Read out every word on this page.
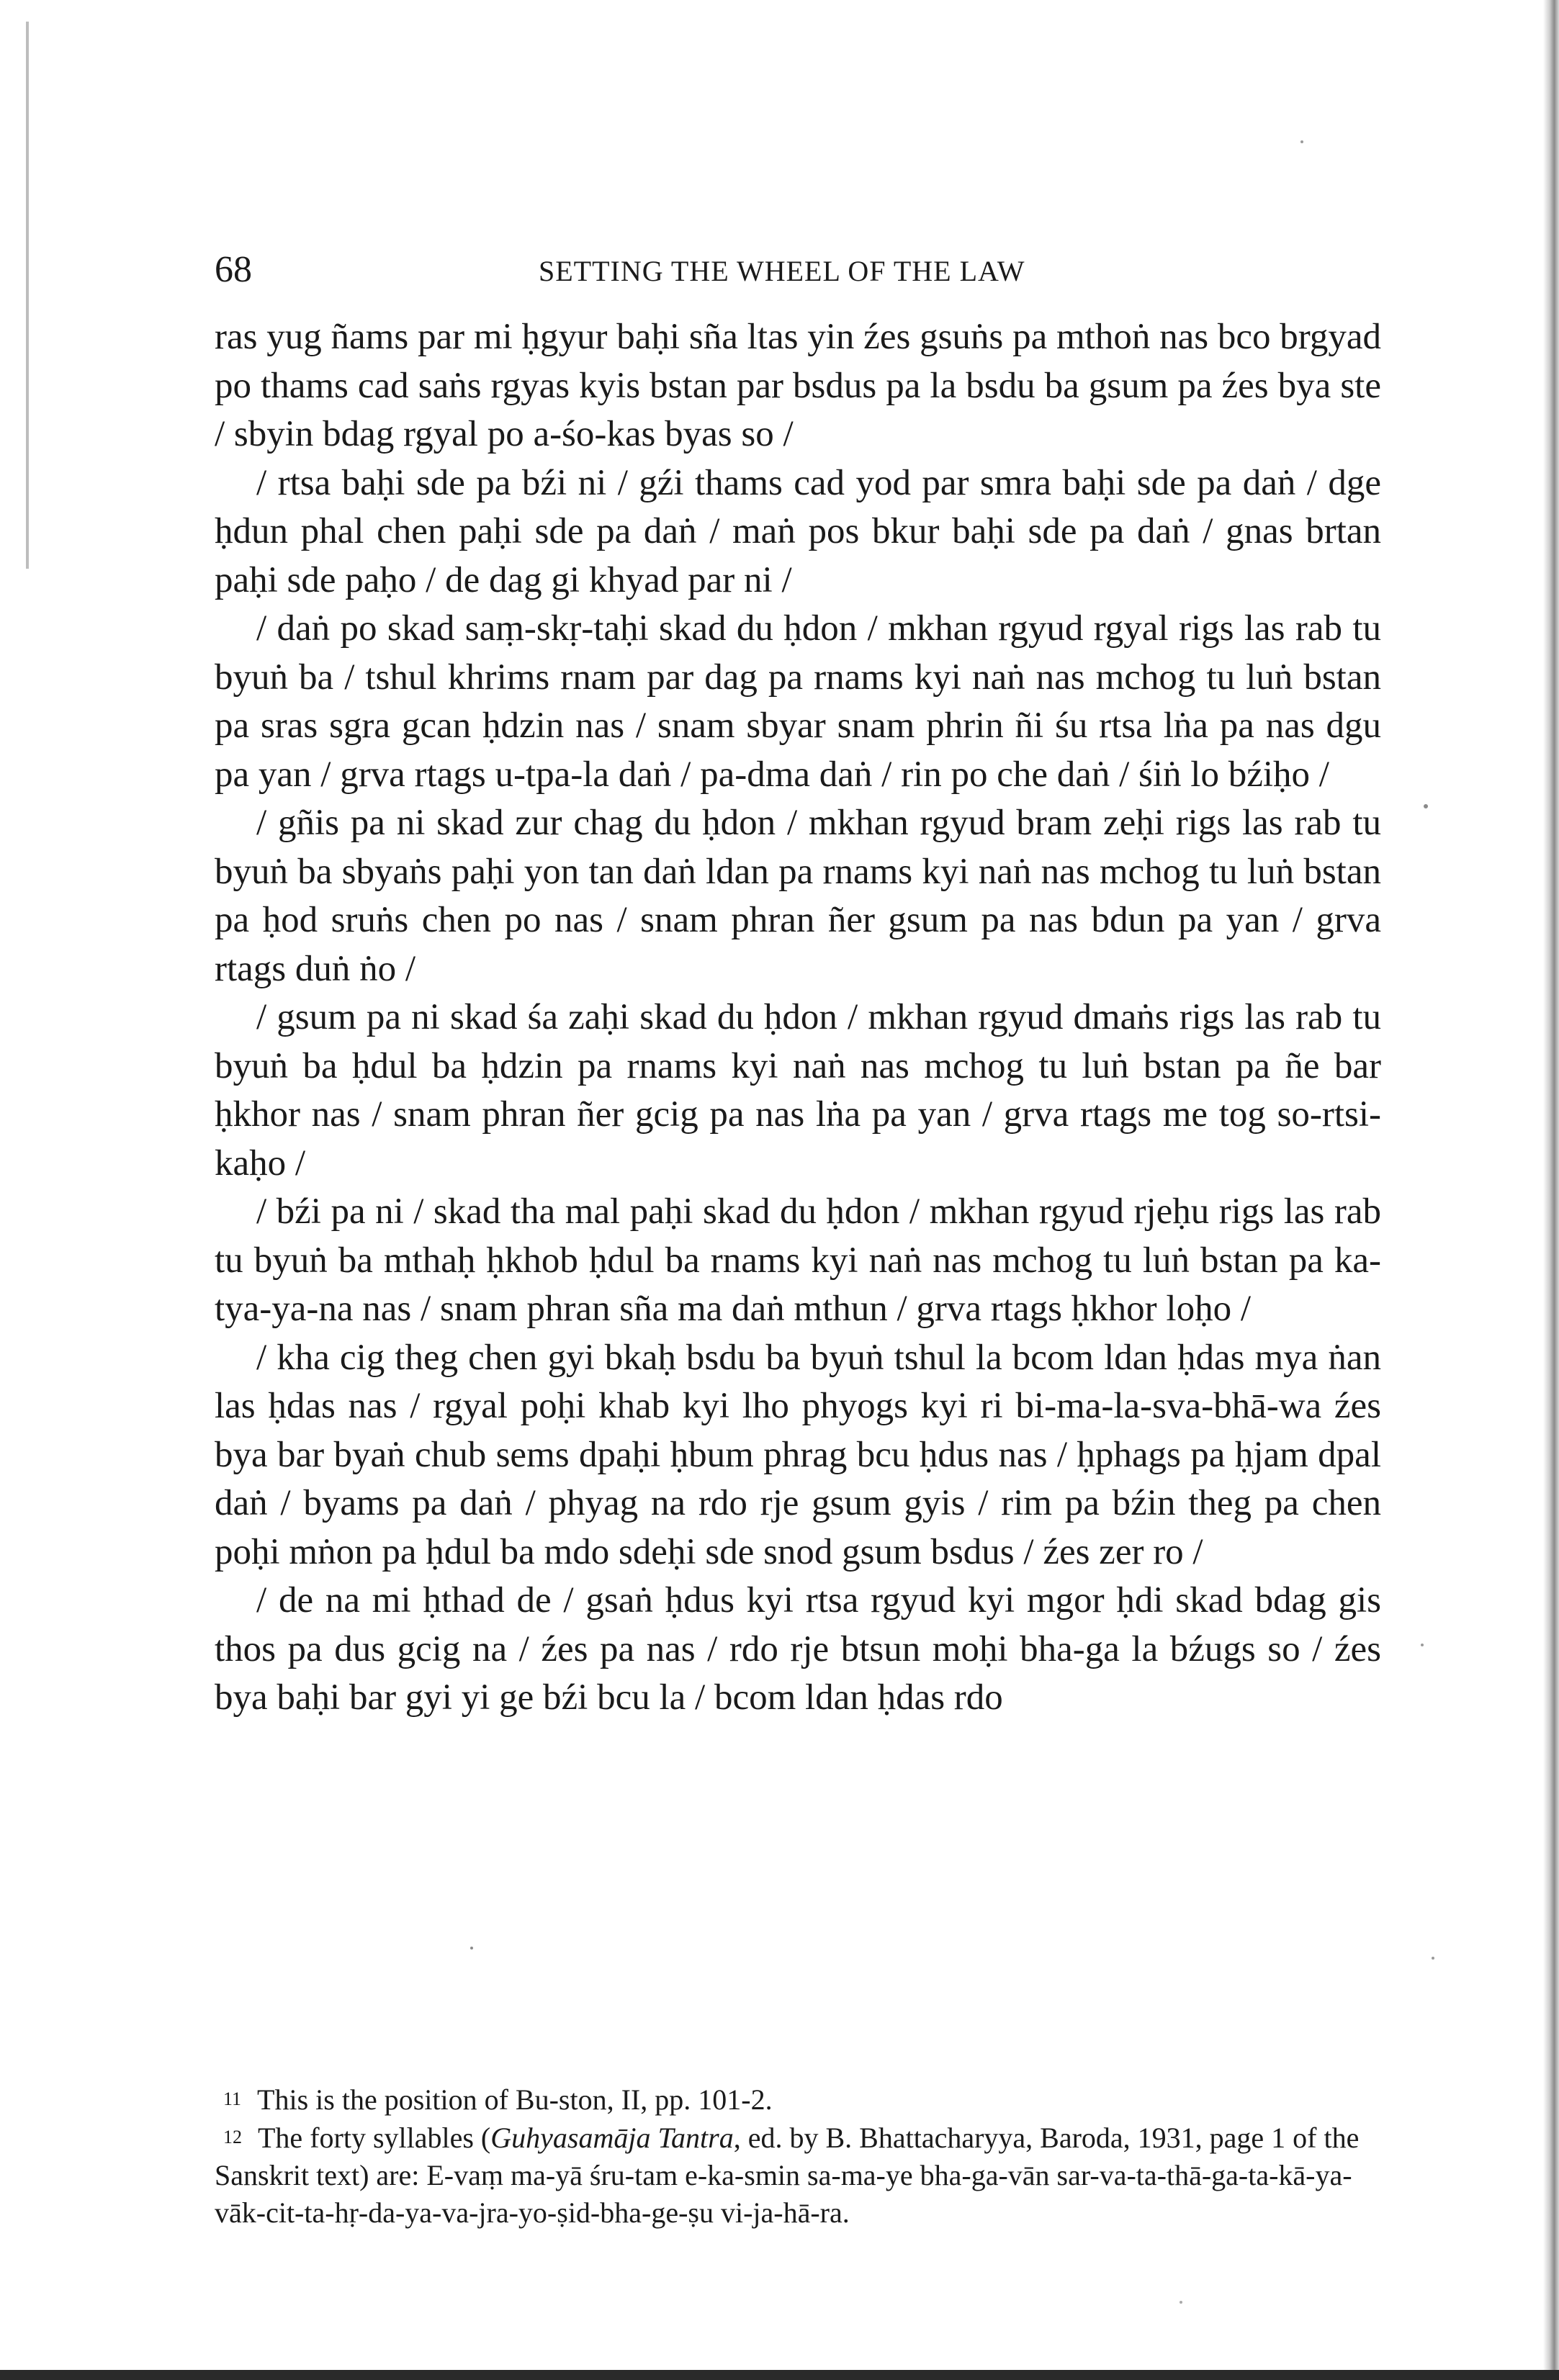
68	SETTING THE WHEEL OF THE LAW

ras yug ñams par mi ḥgyur baḥi sña ltas yin źes gsuṅs pa mthoṅ nas bco brgyad po thams cad saṅs rgyas kyis bstan par bsdus pa la bsdu ba gsum pa źes bya ste / sbyin bdag rgyal po a-śo-kas byas so /

/ rtsa baḥi sde pa bźi ni / gźi thams cad yod par smra baḥi sde pa daṅ / dge ḥdun phal chen paḥi sde pa daṅ / maṅ pos bkur baḥi sde pa daṅ / gnas brtan paḥi sde paḥo / de dag gi khyad par ni /

/ daṅ po skad saṃ-skṛ-taḥi skad du ḥdon / mkhan rgyud rgyal rigs las rab tu byuṅ ba / tshul khrims rnam par dag pa rnams kyi naṅ nas mchog tu luṅ bstan pa sras sgra gcan ḥdzin nas / snam sbyar snam phrin ñi śu rtsa lṅa pa nas dgu pa yan / grva rtags u-tpa-la daṅ / pa-dma daṅ / rin po che daṅ / śiṅ lo bźiḥo /

/ gñis pa ni skad zur chag du ḥdon / mkhan rgyud bram zeḥi rigs las rab tu byuṅ ba sbyaṅs paḥi yon tan daṅ ldan pa rnams kyi naṅ nas mchog tu luṅ bstan pa ḥod sruṅs chen po nas / snam phran ñer gsum pa nas bdun pa yan / grva rtags duṅ ṅo /

/ gsum pa ni skad śa zaḥi skad du ḥdon / mkhan rgyud dmaṅs rigs las rab tu byuṅ ba ḥdul ba ḥdzin pa rnams kyi naṅ nas mchog tu luṅ bstan pa ñe bar ḥkhor nas / snam phran ñer gcig pa nas lṅa pa yan / grva rtags me tog so-rtsi-kaḥo /

/ bźi pa ni / skad tha mal paḥi skad du ḥdon / mkhan rgyud rjeḥu rigs las rab tu byuṅ ba mthaḥ ḥkhob ḥdul ba rnams kyi naṅ nas mchog tu luṅ bstan pa ka-tya-ya-na nas / snam phran sña ma daṅ mthun / grva rtags ḥkhor loḥo /

/ kha cig theg chen gyi bkaḥ bsdu ba byuṅ tshul la bcom ldan ḥdas mya ṅan las ḥdas nas / rgyal poḥi khab kyi lho phyogs kyi ri bi-ma-la-sva-bhā-wa źes bya bar byaṅ chub sems dpaḥi ḥbum phrag bcu ḥdus nas / ḥphags pa ḥjam dpal daṅ / byams pa daṅ / phyag na rdo rje gsum gyis / rim pa bźin theg pa chen poḥi mṅon pa ḥdul ba mdo sdeḥi sde snod gsum bsdus / źes zer ro /

/ de na mi ḥthad de / gsaṅ ḥdus kyi rtsa rgyud kyi mgor ḥdi skad bdag gis thos pa dus gcig na / źes pa nas / rdo rje btsun moḥi bha-ga la bźugs so / źes bya baḥi bar gyi yi ge bźi bcu la / bcom ldan ḥdas rdo

11 This is the position of Bu-ston, II, pp. 101-2.

12 The forty syllables (Guhyasamāja Tantra, ed. by B. Bhattacharyya, Baroda, 1931, page 1 of the Sanskrit text) are: E-vaṃ ma-yā śru-tam e-ka-smin sa-ma-ye bha-ga-vān sar-va-ta-thā-ga-ta-kā-ya-vāk-cit-ta-hṛ-da-ya-va-jra-yo-ṣid-bha-ge-ṣu vi-ja-hā-ra.
